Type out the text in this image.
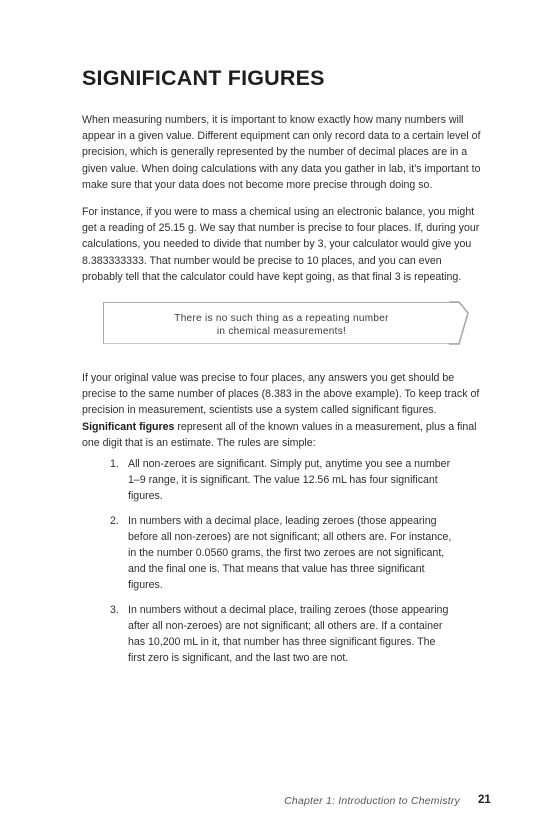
SIGNIFICANT FIGURES

When measuring numbers, it is important to know exactly how many numbers will appear in a given value. Different equipment can only record data to a certain level of precision, which is generally represented by the number of decimal places are in a given value. When doing calculations with any data you gather in lab, it’s important to make sure that your data does not become more precise through doing so.

For instance, if you were to mass a chemical using an electronic balance, you might get a reading of 25.15 g. We say that number is precise to four places. If, during your calculations, you needed to divide that number by 3, your calculator would give you 8.383333333. That number would be precise to 10 places, and you can even probably tell that the calculator could have kept going, as that final 3 is repeating.

There is no such thing as a repeating number
in chemical measurements!

If your original value was precise to four places, any answers you get should be precise to the same number of places (8.383 in the above example). To keep track of precision in measurement, scientists use a system called significant figures. Significant figures represent all of the known values in a measurement, plus a final one digit that is an estimate. The rules are simple:

1. All non-zeroes are significant. Simply put, anytime you see a number 1–9 range, it is significant. The value 12.56 mL has four significant figures.
2. In numbers with a decimal place, leading zeroes (those appearing before all non-zeroes) are not significant; all others are. For instance, in the number 0.0560 grams, the first two zeroes are not significant, and the final one is. That means that value has three significant figures.
3. In numbers without a decimal place, trailing zeroes (those appearing after all non-zeroes) are not significant; all others are. If a container has 10,200 mL in it, that number has three significant figures. The first zero is significant, and the last two are not.
Chapter 1: Introduction to Chemistry 21
